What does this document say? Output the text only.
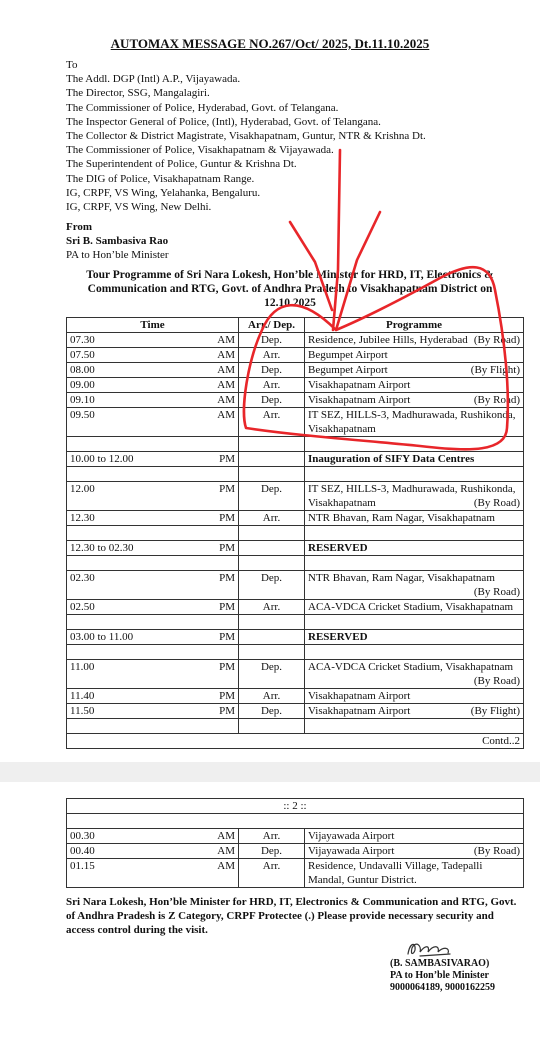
AUTOMAX MESSAGE NO.267/Oct/ 2025, Dt.11.10.2025
To
The Addl. DGP (Intl) A.P., Vijayawada.
The Director, SSG, Mangalagiri.
The Commissioner of Police, Hyderabad, Govt. of Telangana.
The Inspector General of Police, (Intl), Hyderabad, Govt. of Telangana.
The Collector & District Magistrate, Visakhapatnam, Guntur, NTR & Krishna Dt.
The Commissioner of Police, Visakhapatnam & Vijayawada.
The Superintendent of Police, Guntur & Krishna Dt.
The DIG of Police, Visakhapatnam Range.
IG, CRPF, VS Wing, Yelahanka, Bengaluru.
IG, CRPF, VS Wing, New Delhi.
From
Sri B. Sambasiva Rao
PA to Hon’ble Minister
Tour Programme of Sri Nara Lokesh, Hon’ble Minister for HRD, IT, Electronics & Communication and RTG, Govt. of Andhra Pradesh to Visakhapatnam District on 12.10.2025
Time	Arr./ Dep.	Programme

07.30 AM	Dep.	Residence, Jubilee Hills, Hyderabad (By Road)

07.50 AM	Arr.	Begumpet Airport

08.00 AM	Dep.	Begumpet Airport (By Flight)

09.00 AM	Arr.	Visakhapatnam Airport

09.10 AM	Dep.	Visakhapatnam Airport (By Road)

09.50 AM	Arr.	IT SEZ, HILLS-3, Madhurawada, Rushikonda, Visakhapatnam

10.00 to 12.00 PM		Inauguration of SIFY Data Centres

12.00 PM	Dep.	IT SEZ, HILLS-3, Madhurawada, Rushikonda, Visakhapatnam (By Road)

12.30 PM	Arr.	NTR Bhavan, Ram Nagar, Visakhapatnam

12.30 to 02.30 PM		RESERVED

02.30 PM	Dep.	NTR Bhavan, Ram Nagar, Visakhapatnam
(By Road)

02.50 PM	Arr.	ACA-VDCA Cricket Stadium, Visakhapatnam

03.00 to 11.00 PM		RESERVED

11.00 PM	Dep.	ACA-VDCA Cricket Stadium, Visakhapatnam
(By Road)

11.40 PM	Arr.	Visakhapatnam Airport

11.50 PM	Dep.	Visakhapatnam Airport (By Flight)

Contd..2		
:: 2 ::		

00.30 AM	Arr.	Vijayawada Airport

00.40 AM	Dep.	Vijayawada Airport (By Road)

01.15 AM	Arr.	Residence, Undavalli Village, Tadepalli Mandal, Guntur District.
Sri Nara Lokesh, Hon’ble Minister for HRD, IT, Electronics & Communication and RTG, Govt. of Andhra Pradesh is Z Category, CRPF Protectee (.) Please provide necessary security and access control during the visit.
(B. SAMBASIVARAO)
PA to Hon’ble Minister
9000064189, 9000162259
